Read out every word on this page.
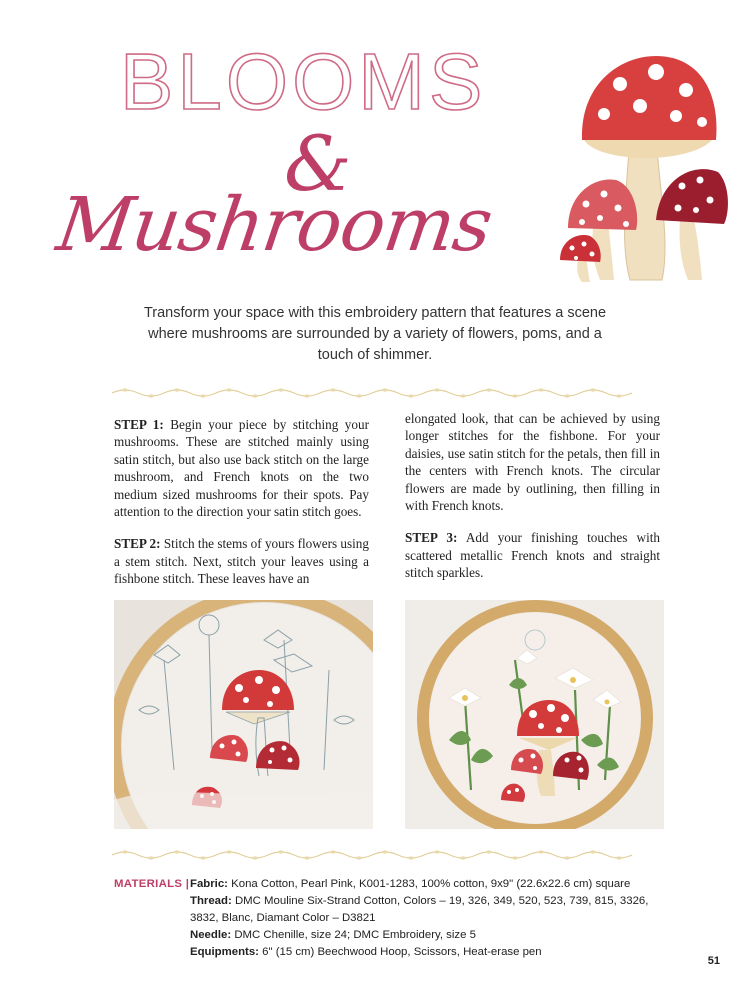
BLOOMS
&
Mushrooms
Transform your space with this embroidery pattern that features a scene where mushrooms are surrounded by a variety of flowers, poms, and a touch of shimmer.

STEP 1: Begin your piece by stitching your mushrooms. These are stitched mainly using satin stitch, but also use back stitch on the large mushroom, and French knots on the two medium sized mushrooms for their spots. Pay attention to the direction your satin stitch goes.

STEP 2: Stitch the stems of yours flowers using a stem stitch. Next, stitch your leaves using a fishbone stitch. These leaves have an

elongated look, that can be achieved by using longer stitches for the fishbone. For your daisies, use satin stitch for the petals, then fill in the centers with French knots. The circular flowers are made by outlining, then filling in with French knots.

STEP 3: Add your finishing touches with scattered metallic French knots and straight stitch sparkles.

MATERIALS | Fabric: Kona Cotton, Pearl Pink, K001-1283, 100% cotton, 9x9" (22.6x22.6 cm) square

Thread: DMC Mouline Six-Strand Cotton, Colors – 19, 326, 349, 520, 523, 739, 815, 3326, 3832, Blanc, Diamant Color – D3821

Needle: DMC Chenille, size 24; DMC Embroidery, size 5

Equipments: 6" (15 cm) Beechwood Hoop, Scissors, Heat-erase pen

51
